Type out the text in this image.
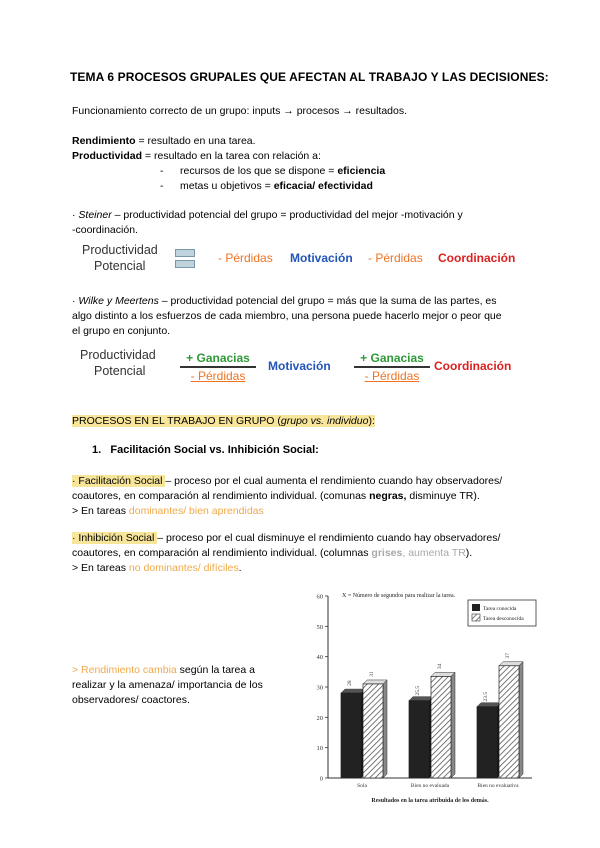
TEMA 6 PROCESOS GRUPALES QUE AFECTAN AL TRABAJO Y LAS DECISIONES:
Funcionamiento correcto de un grupo: inputs → procesos → resultados.
Rendimiento = resultado en una tarea.
Productividad = resultado en la tarea con relación a:
- recursos de los que se dispone = eficiencia
- metas u objetivos = eficacia/ efectividad
· Steiner – productividad potencial del grupo = productividad del mejor -motivación y
-coordinación.
Productividad
Potencial
- Pérdidas Motivación - Pérdidas Coordinación
· Wilke y Meertens – productividad potencial del grupo = más que la suma de las partes, es
algo distinto a los esfuerzos de cada miembro, una persona puede hacerlo mejor o peor que
el grupo en conjunto.
Productividad
Potencial
+ Ganacias
- Pérdidas
Motivación
+ Ganacias
- Pérdidas
Coordinación
PROCESOS EN EL TRABAJO EN GRUPO (grupo vs. individuo):
1. Facilitación Social vs. Inhibición Social:
· Facilitación Social – proceso por el cual aumenta el rendimiento cuando hay observadores/
coautores, en comparación al rendimiento individual. (comunas negras, disminuye TR).
> En tareas dominantes/ bien aprendidas
· Inhibición Social – proceso por el cual disminuye el rendimiento cuando hay observadores/
coautores, en comparación al rendimiento individual. (columnas grises, aumenta TR).
> En tareas no dominantes/ difíciles.
> Rendimiento cambia según la tarea a
realizar y la amenaza/ importancia de los
observadores/ coactores.
0
10
20
30
40
50
60	X = Número de segundos para realizar la tarea.
Tarea conocida
Tarea desconocida
28
31
Sola
25.5
34
Bien no evaluada
23.5
37
Bien no evaluativa
Resultados en la tarea atribuida de los demás.
